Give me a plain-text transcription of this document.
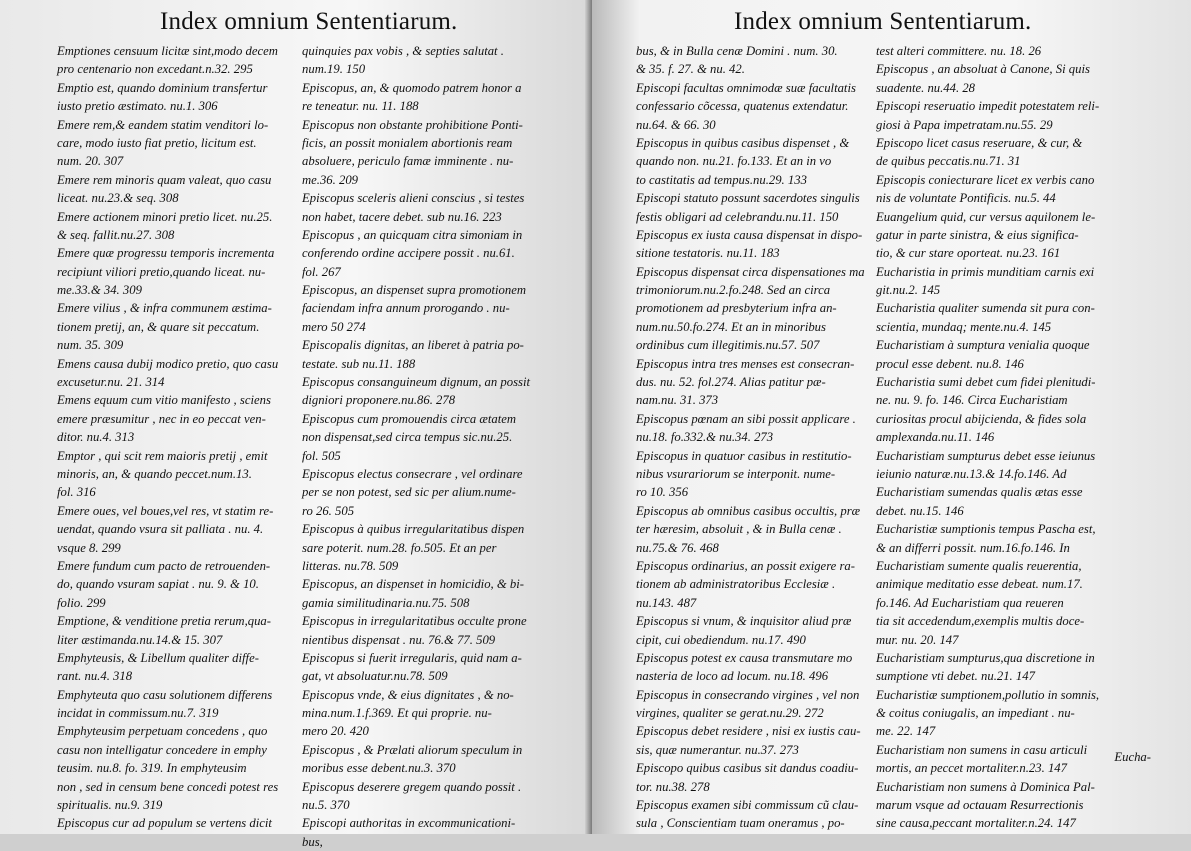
Index omnium Sententiarum.
Emptiones censuum licitæ sint,modo decem
pro centenario non excedant.n.32. 295
Emptio est, quando dominium transfertur
iusto pretio æstimato. nu.1. 306
Emere rem,& eandem statim venditori lo-
care, modo iusto fiat pretio, licitum est.
num. 20. 307
Emere rem minoris quam valeat, quo casu
liceat. nu.23.& seq. 308
Emere actionem minori pretio licet. nu.25.
& seq. fallit.nu.27. 308
Emere quæ progressu temporis incrementa
recipiunt viliori pretio,quando liceat. nu-
me.33.& 34. 309
Emere vilius , & infra communem æstima-
tionem pretij, an, & quare sit peccatum.
num. 35. 309
Emens causa dubij modico pretio, quo casu
excusetur.nu. 21. 314
Emens equum cum vitio manifesto , sciens
emere præsumitur , nec in eo peccat ven-
ditor. nu.4. 313
Emptor , qui scit rem maioris pretij , emit
minoris, an, & quando peccet.num.13.
fol. 316
Emere oues, vel boues,vel res, vt statim re-
uendat, quando vsura sit palliata . nu. 4.
vsque 8. 299
Emere fundum cum pacto de retrouenden-
do, quando vsuram sapiat . nu. 9. & 10.
folio. 299
Emptione, & venditione pretia rerum,qua-
liter æstimanda.nu.14.& 15. 307
Emphyteusis, & Libellum qualiter diffe-
rant. nu.4. 318
Emphyteuta quo casu solutionem differens
incidat in commissum.nu.7. 319
Emphyteusim perpetuam concedens , quo
casu non intelligatur concedere in emphy
teusim. nu.8. fo. 319. In emphyteusim
non , sed in censum bene concedi potest res
spiritualis. nu.9. 319
Episcopus cur ad populum se vertens dicit
quinquies pax vobis , & septies salutat .
num.19. 150
Episcopus, an, & quomodo patrem honor a
re teneatur. nu. 11. 188
Episcopus non obstante prohibitione Ponti-
ficis, an possit monialem abortionis ream
absoluere, periculo famæ imminente . nu-
me.36. 209
Episcopus sceleris alieni conscius , si testes
non habet, tacere debet. sub nu.16. 223
Episcopus , an quicquam citra simoniam in
conferendo ordine accipere possit . nu.61.
fol. 267
Episcopus, an dispenset supra promotionem
faciendam infra annum prorogando . nu-
mero 50 274
Episcopalis dignitas, an liberet à patria po-
testate. sub nu.11. 188
Episcopus consanguineum dignum, an possit
digniori proponere.nu.86. 278
Episcopus cum promouendis circa ætatem
non dispensat,sed circa tempus sic.nu.25.
fol. 505
Episcopus electus consecrare , vel ordinare
per se non potest, sed sic per alium.nume-
ro 26. 505
Episcopus à quibus irregularitatibus dispen
sare poterit. num.28. fo.505. Et an per
litteras. nu.78. 509
Episcopus, an dispenset in homicidio, & bi-
gamia similitudinaria.nu.75. 508
Episcopus in irregularitatibus occulte prone
nientibus dispensat . nu. 76.& 77. 509
Episcopus si fuerit irregularis, quid nam a-
gat, vt absoluatur.nu.78. 509
Episcopus vnde, & eius dignitates , & no-
mina.num.1.f.369. Et qui proprie. nu-
mero 20. 420
Episcopus , & Prælati aliorum speculum in
moribus esse debent.nu.3. 370
Episcopus deserere gregem quando possit .
nu.5. 370
Episcopi authoritas in excommunicationi-
bus,
Index omnium Sententiarum.
bus, & in Bulla cenæ Domini . num. 30.
& 35. f. 27. & nu. 42.
Episcopi facultas omnimodæ suæ facultatis
confessario cõcessa, quatenus extendatur.
nu.64. & 66. 30
Episcopus in quibus casibus dispenset , &
quando non. nu.21. fo.133. Et an in vo
to castitatis ad tempus.nu.29. 133
Episcopi statuto possunt sacerdotes singulis
festis obligari ad celebrandu.nu.11. 150
Episcopus ex iusta causa dispensat in dispo-
sitione testatoris. nu.11. 183
Episcopus dispensat circa dispensationes ma
trimoniorum.nu.2.fo.248. Sed an circa
promotionem ad presbyterium infra an-
num.nu.50.fo.274. Et an in minoribus
ordinibus cum illegitimis.nu.57. 507
Episcopus intra tres menses est consecran-
dus. nu. 52. fol.274. Alias patitur pæ-
nam.nu. 31. 373
Episcopus pœnam an sibi possit applicare .
nu.18. fo.332.& nu.34. 273
Episcopus in quatuor casibus in restitutio-
nibus vsurariorum se interponit. nume-
ro 10. 356
Episcopus ab omnibus casibus occultis, præ
ter hæresim, absoluit , & in Bulla cenæ .
nu.75.& 76. 468
Episcopus ordinarius, an possit exigere ra-
tionem ab administratoribus Ecclesiæ .
nu.143. 487
Episcopus si vnum, & inquisitor aliud præ
cipit, cui obediendum. nu.17. 490
Episcopus potest ex causa transmutare mo
nasteria de loco ad locum. nu.18. 496
Episcopus in consecrando virgines , vel non
virgines, qualiter se gerat.nu.29. 272
Episcopus debet residere , nisi ex iustis cau-
sis, quæ numerantur. nu.37. 273
Episcopo quibus casibus sit dandus coadiu-
tor. nu.38. 278
Episcopus examen sibi commissum cũ clau-
sula , Conscientiam tuam oneramus , po-
test alteri committere. nu. 18. 26
Episcopus , an absoluat à Canone, Si quis
suadente. nu.44. 28
Episcopi reseruatio impedit potestatem reli-
giosi à Papa impetratam.nu.55. 29
Episcopo licet casus reseruare, & cur, &
de quibus peccatis.nu.71. 31
Episcopis coniecturare licet ex verbis cano
nis de voluntate Pontificis. nu.5. 44
Euangelium quid, cur versus aquilonem le-
gatur in parte sinistra, & eius significa-
tio, & cur stare oporteat. nu.23. 161
Eucharistia in primis munditiam carnis exi
git.nu.2. 145
Eucharistia qualiter sumenda sit pura con-
scientia, mundaq; mente.nu.4. 145
Eucharistiam à sumptura venialia quoque
procul esse debent. nu.8. 146
Eucharistia sumi debet cum fidei plenitudi-
ne. nu. 9. fo. 146. Circa Eucharistiam
curiositas procul abijcienda, & fides sola
amplexanda.nu.11. 146
Eucharistiam sumpturus debet esse ieiunus
ieiunio naturæ.nu.13.& 14.fo.146. Ad
Eucharistiam sumendas qualis ætas esse
debet. nu.15. 146
Eucharistiæ sumptionis tempus Pascha est,
& an differri possit. num.16.fo.146. In
Eucharistiam sumente qualis reuerentia,
animique meditatio esse debeat. num.17.
fo.146. Ad Eucharistiam qua reueren
tia sit accedendum,exemplis multis doce-
mur. nu. 20. 147
Eucharistiam sumpturus,qua discretione in
sumptione vti debet. nu.21. 147
Eucharistiæ sumptionem,pollutio in somnis,
& coitus coniugalis, an impediant . nu-
me. 22. 147
Eucharistiam non sumens in casu articuli
mortis, an peccet mortaliter.n.23. 147
Eucharistiam non sumens à Dominica Pal-
marum vsque ad octauam Resurrectionis
sine causa,peccant mortaliter.n.24. 147
Eucha-
